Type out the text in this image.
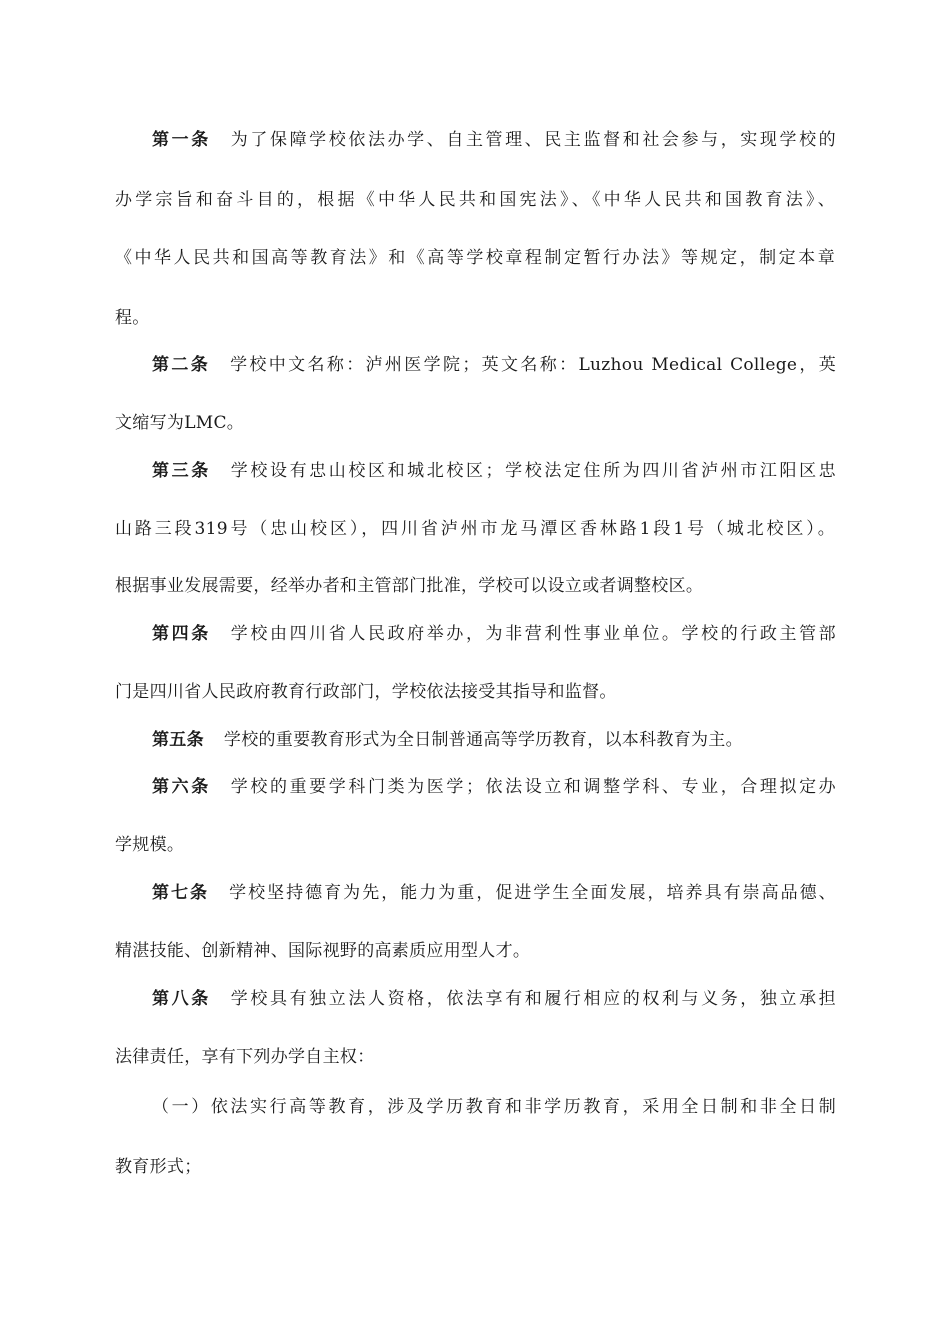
第一条 为了保障学校依法办学、自主管理、民主监督和社会参与，实现学校的
办学宗旨和奋斗目的，根据《中华人民共和国宪法》、《中华人民共和国教育法》、
《中华人民共和国高等教育法》和《高等学校章程制定暂行办法》等规定，制定本章
程。
第二条 学校中文名称：泸州医学院；英文名称：Luzhou Medical College，英
文缩写为LMC。
第三条 学校设有忠山校区和城北校区；学校法定住所为四川省泸州市江阳区忠
山路三段319号（忠山校区），四川省泸州市龙马潭区香林路1段1号（城北校区）。
根据事业发展需要，经举办者和主管部门批准，学校可以设立或者调整校区。
第四条 学校由四川省人民政府举办，为非营利性事业单位。学校的行政主管部
门是四川省人民政府教育行政部门，学校依法接受其指导和监督。
第五条 学校的重要教育形式为全日制普通高等学历教育，以本科教育为主。
第六条 学校的重要学科门类为医学；依法设立和调整学科、专业，合理拟定办
学规模。
第七条 学校坚持德育为先，能力为重，促进学生全面发展，培养具有崇高品德、
精湛技能、创新精神、国际视野的高素质应用型人才。
第八条 学校具有独立法人资格，依法享有和履行相应的权利与义务，独立承担
法律责任，享有下列办学自主权：
（一）依法实行高等教育，涉及学历教育和非学历教育，采用全日制和非全日制
教育形式；
